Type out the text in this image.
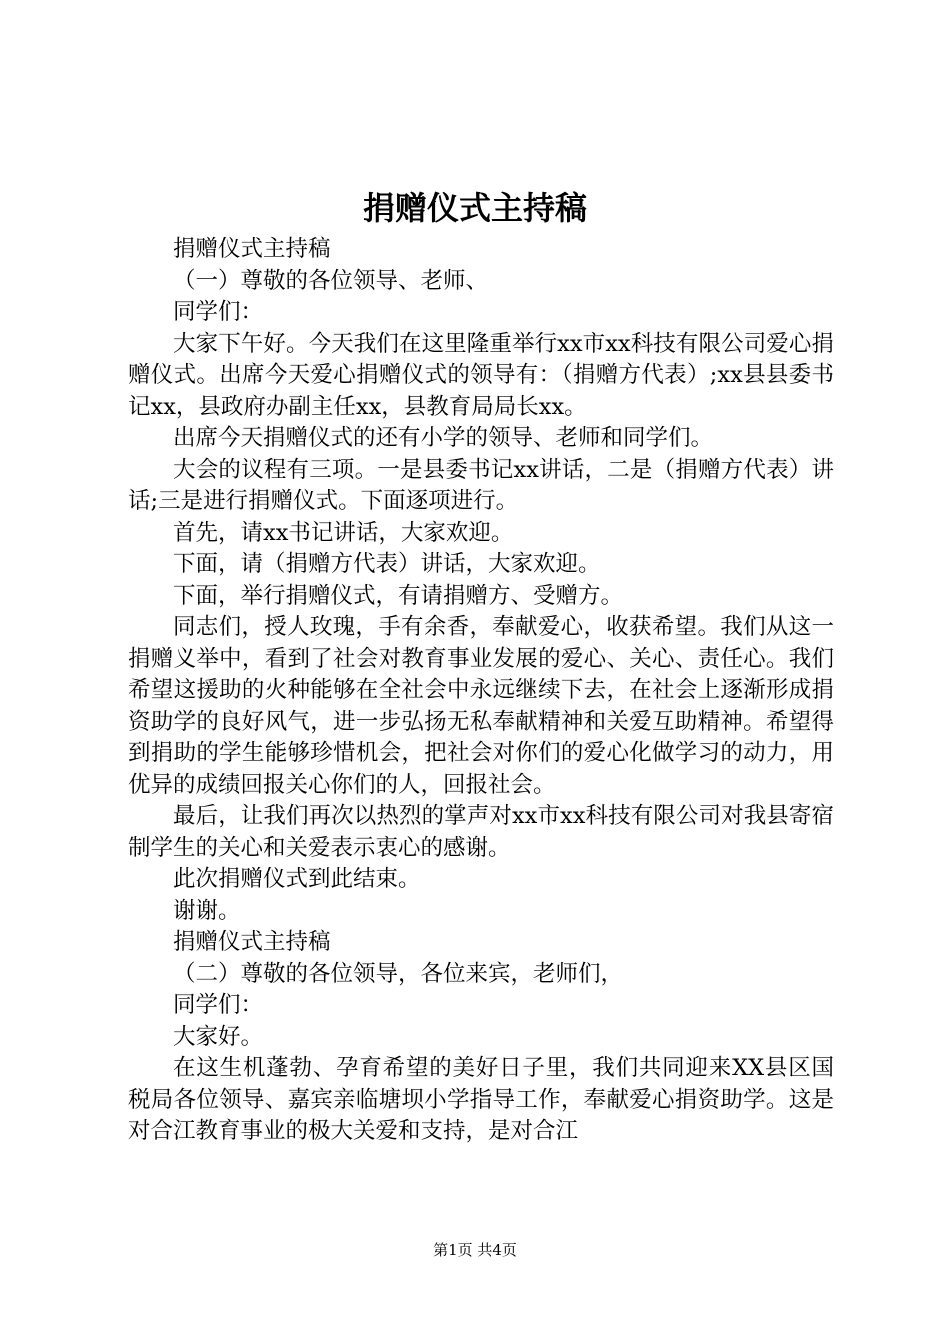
捐赠仪式主持稿

捐赠仪式主持稿

（一）尊敬的各位领导、老师、

同学们：

大家下午好。今天我们在这里隆重举行xx市xx科技有限公司爱心捐赠仪式。出席今天爱心捐赠仪式的领导有：（捐赠方代表）;xx县县委书记xx，县政府办副主任xx，县教育局局长xx。

出席今天捐赠仪式的还有小学的领导、老师和同学们。

大会的议程有三项。一是县委书记xx讲话，二是（捐赠方代表）讲话;三是进行捐赠仪式。下面逐项进行。

首先，请xx书记讲话，大家欢迎。

下面，请（捐赠方代表）讲话，大家欢迎。

下面，举行捐赠仪式，有请捐赠方、受赠方。

同志们，授人玫瑰，手有余香，奉献爱心，收获希望。我们从这一捐赠义举中，看到了社会对教育事业发展的爱心、关心、责任心。我们希望这援助的火种能够在全社会中永远继续下去，在社会上逐渐形成捐资助学的良好风气，进一步弘扬无私奉献精神和关爱互助精神。希望得到捐助的学生能够珍惜机会，把社会对你们的爱心化做学习的动力，用优异的成绩回报关心你们的人，回报社会。

最后，让我们再次以热烈的掌声对xx市xx科技有限公司对我县寄宿制学生的关心和关爱表示衷心的感谢。

此次捐赠仪式到此结束。

谢谢。

捐赠仪式主持稿

（二）尊敬的各位领导，各位来宾，老师们，

同学们：

大家好。

在这生机蓬勃、孕育希望的美好日子里，我们共同迎来XX县区国税局各位领导、嘉宾亲临塘坝小学指导工作，奉献爱心捐资助学。这是对合江教育事业的极大关爱和支持，是对合江

第1页 共4页
